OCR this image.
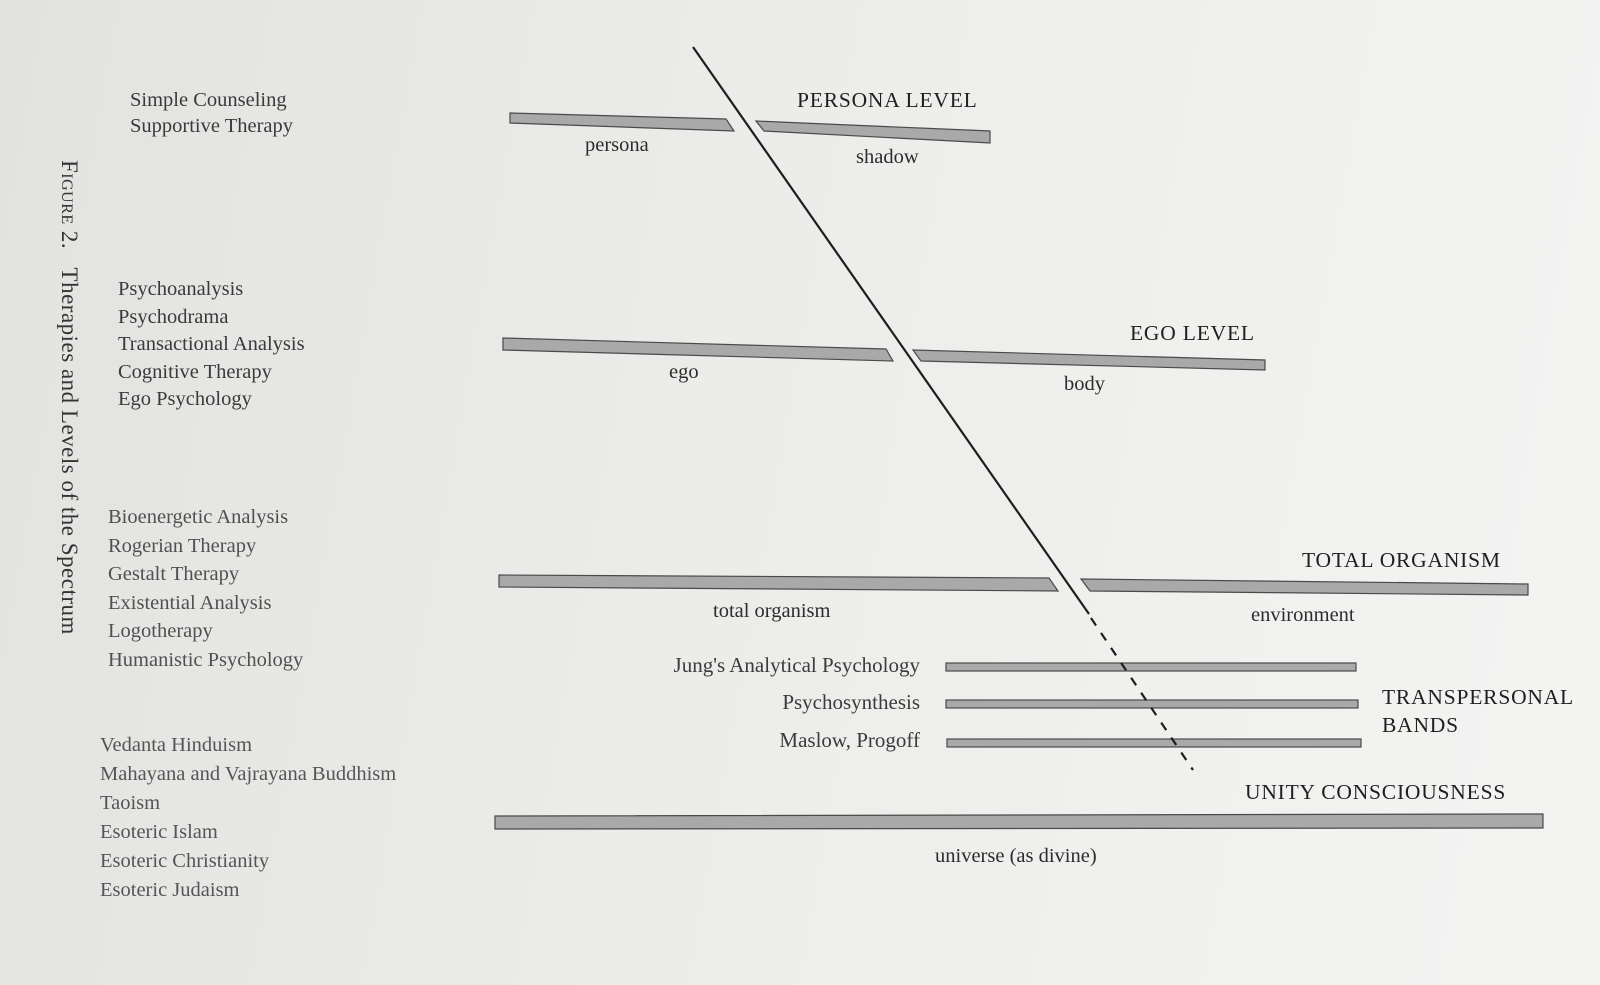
Figure 2.   Therapies and Levels of the Spectrum
Simple Counseling
Supportive Therapy
Psychoanalysis
Psychodrama
Transactional Analysis
Cognitive Therapy
Ego Psychology
Bioenergetic Analysis
Rogerian Therapy
Gestalt Therapy
Existential Analysis
Logotherapy
Humanistic Psychology
Vedanta Hinduism
Mahayana and Vajrayana Buddhism
Taoism
Esoteric Islam
Esoteric Christianity
Esoteric Judaism
PERSONA LEVEL
persona
shadow
EGO LEVEL
ego
body
TOTAL ORGANISM
total organism	environment
Jung's Analytical Psychology
Psychosynthesis
Maslow, Progoff
TRANSPERSONAL
BANDS
UNITY CONSCIOUSNESS
universe (as divine)
